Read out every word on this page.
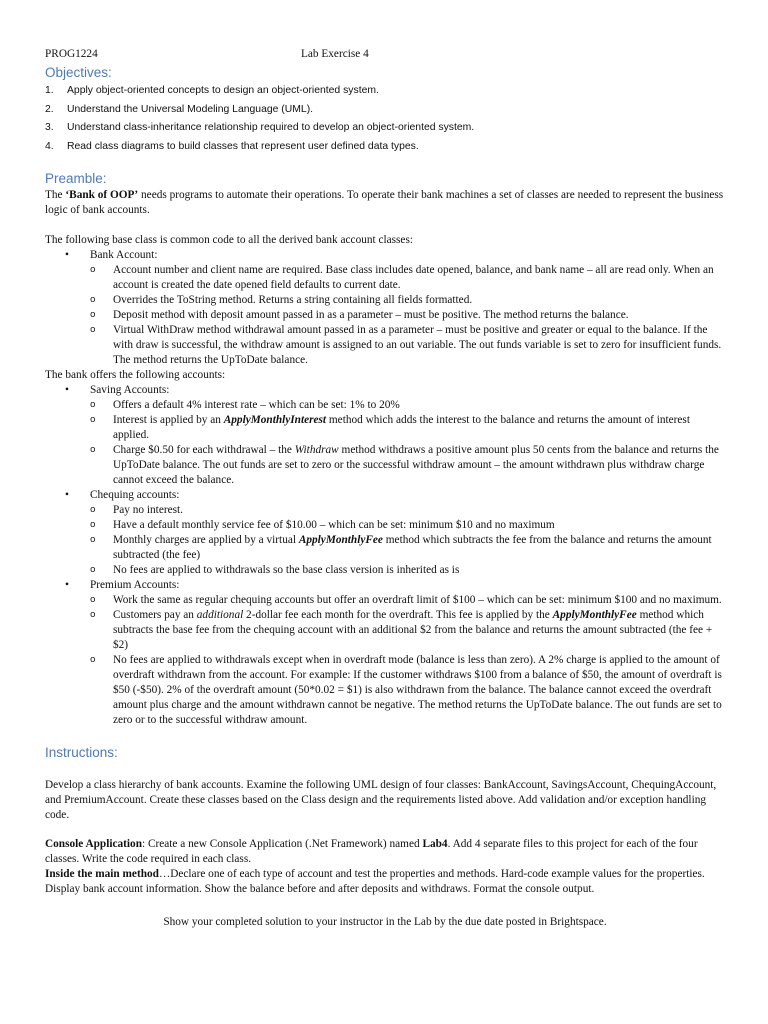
PROG1224	Lab Exercise 4
Objectives:
1.	Apply object-oriented concepts to design an object-oriented system.
2.	Understand the Universal Modeling Language (UML).
3.	Understand class-inheritance relationship required to develop an object-oriented system.
4.	Read class diagrams to build classes that represent user defined data types.
Preamble:

The ‘Bank of OOP’ needs programs to automate their operations. To operate their bank machines a set of classes are needed to represent the business logic of bank accounts.

The following base class is common code to all the derived bank account classes:

• Bank Account:
o Account number and client name are required. Base class includes date opened, balance, and bank name – all are read only. When an account is created the date opened field defaults to current date.
o Overrides the ToString method. Returns a string containing all fields formatted.
o Deposit method with deposit amount passed in as a parameter – must be positive. The method returns the balance.
o Virtual WithDraw method withdrawal amount passed in as a parameter – must be positive and greater or equal to the balance. If the with draw is successful, the withdraw amount is assigned to an out variable. The out funds variable is set to zero for insufficient funds. The method returns the UpToDate balance.

The bank offers the following accounts:

• Saving Accounts:
o Offers a default 4% interest rate – which can be set: 1% to 20%
o Interest is applied by an ApplyMonthlyInterest method which adds the interest to the balance and returns the amount of interest applied.
o Charge $0.50 for each withdrawal – the Withdraw method withdraws a positive amount plus 50 cents from the balance and returns the UpToDate balance. The out funds are set to zero or the successful withdraw amount – the amount withdrawn plus withdraw charge cannot exceed the balance.
• Chequing accounts:
o Pay no interest.
o Have a default monthly service fee of $10.00 – which can be set: minimum $10 and no maximum
o Monthly charges are applied by a virtual ApplyMonthlyFee method which subtracts the fee from the balance and returns the amount subtracted (the fee)
o No fees are applied to withdrawals so the base class version is inherited as is
• Premium Accounts:
o Work the same as regular chequing accounts but offer an overdraft limit of $100 – which can be set: minimum $100 and no maximum.
o Customers pay an additional 2-dollar fee each month for the overdraft. This fee is applied by the ApplyMonthlyFee method which subtracts the base fee from the chequing account with an additional $2 from the balance and returns the amount subtracted (the fee + $2)
o No fees are applied to withdrawals except when in overdraft mode (balance is less than zero). A 2% charge is applied to the amount of overdraft withdrawn from the account. For example: If the customer withdraws $100 from a balance of $50, the amount of overdraft is $50 (-$50). 2% of the overdraft amount (50*0.02 = $1) is also withdrawn from the balance. The balance cannot exceed the overdraft amount plus charge and the amount withdrawn cannot be negative. The method returns the UpToDate balance. The out funds are set to zero or to the successful withdraw amount.
Instructions:

Develop a class hierarchy of bank accounts. Examine the following UML design of four classes: BankAccount, SavingsAccount, ChequingAccount, and PremiumAccount. Create these classes based on the Class design and the requirements listed above. Add validation and/or exception handling code.

Console Application: Create a new Console Application (.Net Framework) named Lab4. Add 4 separate files to this project for each of the four classes. Write the code required in each class.

Inside the main method…Declare one of each type of account and test the properties and methods. Hard-code example values for the properties. Display bank account information. Show the balance before and after deposits and withdraws. Format the console output.

Show your completed solution to your instructor in the Lab by the due date posted in Brightspace.
